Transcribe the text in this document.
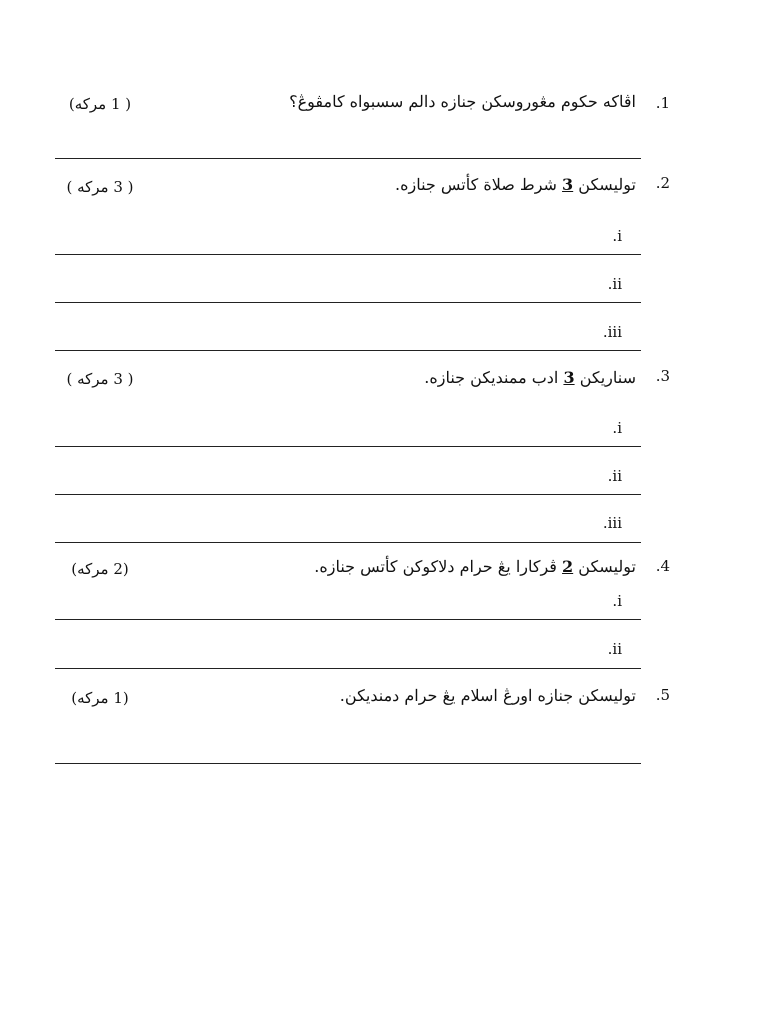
.1
اڤاكه حكوم مڠوروسكن جنازه دالم سسبواه كامڤوڠ؟
( 1 مركه)
.2
توليسكن 3 شرط صلاة كأتس جنازه.
( 3 مركه )
.i
.ii
.iii
.3
سناريكن 3 ادب ممنديكن جنازه.
( 3 مركه )
.i
.ii
.iii
.4
توليسكن 2 ڤركارا يڠ حرام دلاكوكن كأتس جنازه.
(2 مركه)
.i
.ii
.5
توليسكن جنازه اورڠ اسلام يڠ حرام دمنديكن.
(1 مركه)
